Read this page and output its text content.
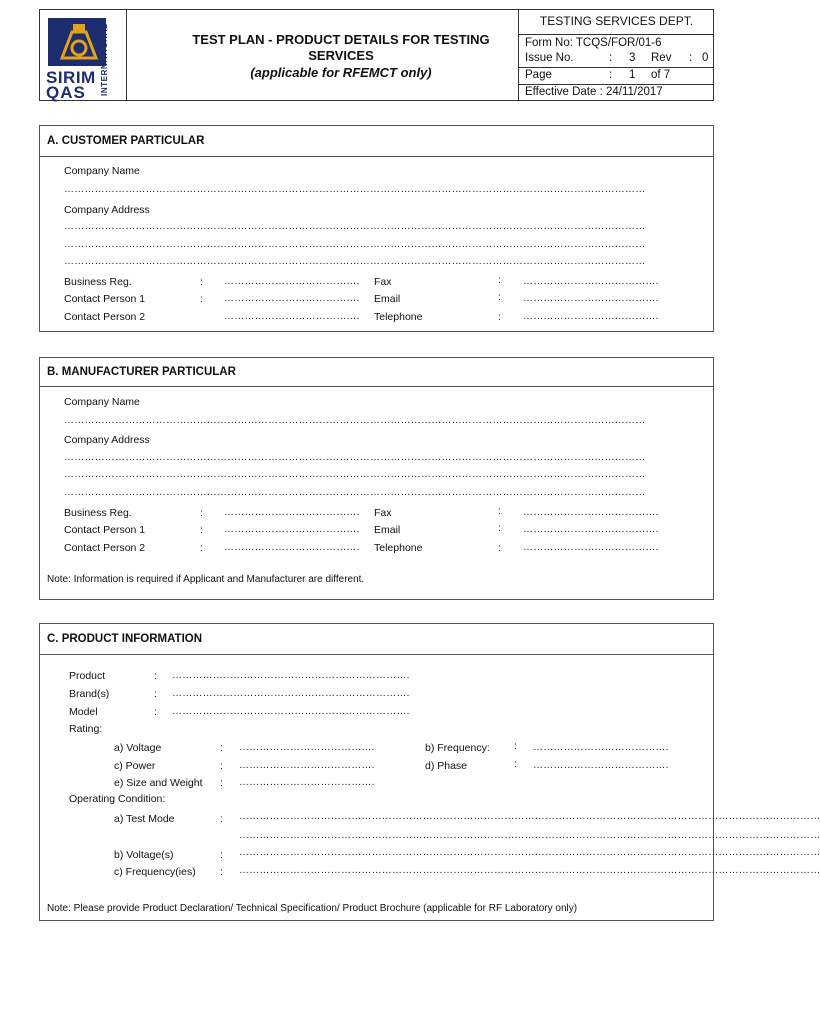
SIRIM
QAS INTERNATIONAL	TEST PLAN - PRODUCT DETAILS FOR TESTING
SERVICES
(applicable for RFEMCT only)
TESTING SERVICES DEPT.
Form No: TCQS/FOR/01-6
Issue No.	: 3 Rev : 0
Page	: 1 of 7
Effective Date : 24/11/2017
A. CUSTOMER PARTICULAR
Company Name
………………………………………………………………………………………………………………………………………………………
Company Address
………………………………………………………………………………………………………………………………………………………
………………………………………………………………………………………………………………………………………………………
………………………………………………………………………………………………………………………………………………………
Business Reg.	: …………………………………. Fax	: ………………………………….
Contact Person 1	: …………………………………. Email	: ………………………………….
Contact Person 2	…………………………………. Telephone	: ………………………………….
B. MANUFACTURER PARTICULAR
Company Name
………………………………………………………………………………………………………………………………………………………
Company Address
………………………………………………………………………………………………………………………………………………………
………………………………………………………………………………………………………………………………………………………
………………………………………………………………………………………………………………………………………………………
Business Reg.	: …………………………………. Fax	: ………………………………….
Contact Person 1	: …………………………………. Email	: ………………………………….
Contact Person 2	: …………………………………. Telephone	: ………………………………….
Note: Information is required if Applicant and Manufacturer are different.
C. PRODUCT INFORMATION
Product	: …………………………………………………………….
Brand(s)	: …………………………………………………………….
Model	: …………………………………………………………….
Rating:
a) Voltage	: ………………………………….	b) Frequency: : ………………………………….
c) Power	: ………………………………….	d) Phase	: ………………………………….
e) Size and Weight : ………………………………….
Operating Condition:
a) Test Mode	: ………………………………………………………………………………………………………………………………………………………
………………………………………………………………………………………………………………………………………………………
b) Voltage(s)	: ………………………………………………………………………………………………………………………………………………………
c) Frequency(ies) : ………………………………………………………………………………………………………………………………………………………
Note: Please provide Product Declaration/ Technical Specification/ Product Brochure (applicable for RF Laboratory only)
